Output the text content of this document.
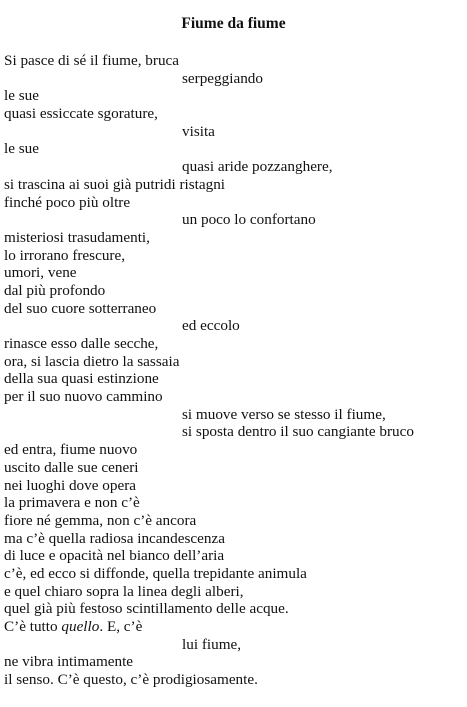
Fiume da fiume
Si pasce di sé il fiume, bruca
serpeggiando
le sue
quasi essiccate sgorature,
visita
le sue
quasi aride pozzanghere,
si trascina ai suoi già putridi ristagni
finché poco più oltre
un poco lo confortano
misteriosi trasudamenti,
lo irrorano frescure,
umori, vene
dal più profondo
del suo cuore sotterraneo
ed eccolo
rinasce esso dalle secche,
ora, si lascia dietro la sassaia
della sua quasi estinzione
per il suo nuovo cammino
si muove verso se stesso il fiume,
si sposta dentro il suo cangiante bruco
ed entra, fiume nuovo
uscito dalle sue ceneri
nei luoghi dove opera
la primavera e non c’è
fiore né gemma, non c’è ancora
ma c’è quella radiosa incandescenza
di luce e opacità nel bianco dell’aria
c’è, ed ecco si diffonde, quella trepidante animula
e quel chiaro sopra la linea degli alberi,
quel già più festoso scintillamento delle acque.
C’è tutto quello. E, c’è
lui fiume,
ne vibra intimamente
il senso. C’è questo, c’è prodigiosamente.
